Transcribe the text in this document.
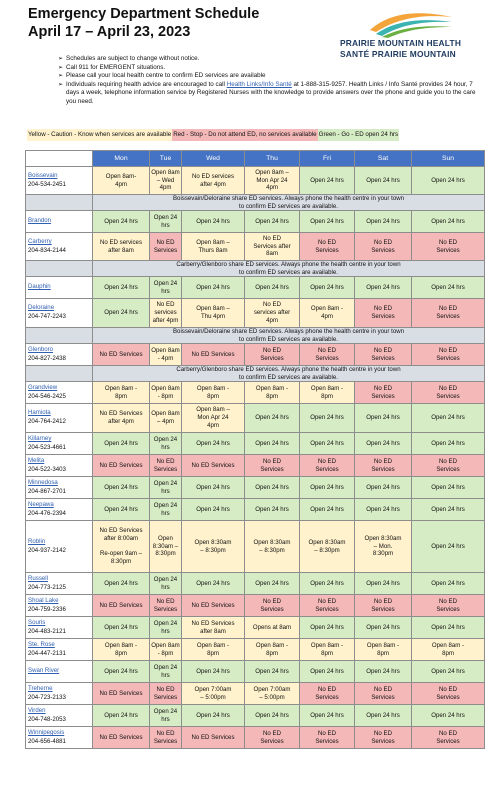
Emergency Department Schedule
April 17 – April 23, 2023
PRAIRIE MOUNTAIN HEALTH
SANTÉ PRAIRIE MOUNTAIN
➢ Schedules are subject to change without notice.
➢ Call 911 for EMERGENT situations.
➢ Please call your local health centre to confirm ED services are available
➢ Individuals requiring health advice are encouraged to call Health Links/Info Santé at 1-888-315-9257. Health Links / Info Santé provides 24 hour, 7 days a week, telephone information service by Registered Nurses with the knowledge to provide answers over the phone and guide you to the care you need.
Yellow - Caution - Know when services are available Red - Stop - Do not attend ED, no services available Green - Go - ED open 24 hrs
	Mon	Tue	Wed	Thu	Fri	Sat	Sun

Boissevain
204-534-2451	Open 8am-
4pm	Open 8am
– Wed
4pm	No ED services
after 4pm	Open 8am –
Mon Apr 24
4pm	Open 24 hrs	Open 24 hrs	Open 24 hrs
	Boissevain/Deloraine share ED services. Always phone the health centre in your town
to confirm ED services are available.						

Brandon	Open 24 hrs	Open 24
hrs	Open 24 hrs	Open 24 hrs	Open 24 hrs	Open 24 hrs	Open 24 hrs

Carberry
204-834-2144	No ED services
after 8am	No ED
Services	Open 8am –
Thurs 8am	No ED
Services after
8am	No ED
Services	No ED
Services	No ED
Services
	Carberry/Glenboro share ED services. Always phone the health centre in your town
to confirm ED services are available.						

Dauphin	Open 24 hrs	Open 24
hrs	Open 24 hrs	Open 24 hrs	Open 24 hrs	Open 24 hrs	Open 24 hrs

Deloraine
204-747-2243	Open 24 hrs	No ED
services
after 4pm	Open 8am –
Thu 4pm	No ED
services after
4pm	Open 8am -
4pm	No ED
Services	No ED
Services
	Boissevain/Deloraine share ED services. Always phone the health centre in your town
to confirm ED services are available.						

Glenboro
204-827-2438	No ED Services	Open 8am
- 4pm	No ED Services	No ED
Services	No ED
Services	No ED
Services	No ED
Services
	Carberry/Glenboro share ED services. Always phone the health centre in your town
to confirm ED services are available.						

Grandview
204-546-2425	Open 8am -
8pm	Open 8am
- 8pm	Open 8am -
8pm	Open 8am -
8pm	Open 8am -
8pm	No ED
Services	No ED
Services

Hamiota
204-764-2412	No ED Services
after 4pm	Open 8am
– 4pm	Open 8am –
Mon Apr 24
4pm	Open 24 hrs	Open 24 hrs	Open 24 hrs	Open 24 hrs

Killarney
204-523-4661	Open 24 hrs	Open 24
hrs	Open 24 hrs	Open 24 hrs	Open 24 hrs	Open 24 hrs	Open 24 hrs

Melita
204-522-3403	No ED Services	No ED
Services	No ED Services	No ED
Services	No ED
Services	No ED
Services	No ED
Services

Minnedosa
204-867-2701	Open 24 hrs	Open 24
hrs	Open 24 hrs	Open 24 hrs	Open 24 hrs	Open 24 hrs	Open 24 hrs

Neepawa
204-476-2394	Open 24 hrs	Open 24
hrs	Open 24 hrs	Open 24 hrs	Open 24 hrs	Open 24 hrs	Open 24 hrs

Roblin
204-937-2142	No ED Services
after 8:00am

Re-open 9am –
8:30pm	Open
8:30am –
8:30pm	Open 8:30am
– 8:30pm	Open 8:30am
– 8:30pm	Open 8:30am
– 8:30pm	Open 8:30am
– Mon.
8:30pm	Open 24 hrs

Russell
204-773-2125	Open 24 hrs	Open 24
hrs	Open 24 hrs	Open 24 hrs	Open 24 hrs	Open 24 hrs	Open 24 hrs

Shoal Lake
204-759-2336	No ED Services	No ED
Services	No ED Services	No ED
Services	No ED
Services	No ED
Services	No ED
Services

Souris
204-483-2121	Open 24 hrs	Open 24
hrs	No ED Services
after 8am	Opens at 8am	Open 24 hrs	Open 24 hrs	Open 24 hrs

Ste. Rose
204-447-2131	Open 8am -
8pm	Open 8am
- 8pm	Open 8am -
8pm	Open 8am -
8pm	Open 8am -
8pm	Open 8am -
8pm	Open 8am -
8pm

Swan River	Open 24 hrs	Open 24
hrs	Open 24 hrs	Open 24 hrs	Open 24 hrs	Open 24 hrs	Open 24 hrs

Treherne
204-723-2133	No ED Services	No ED
Services	Open 7:00am
– 5:00pm	Open 7:00am
– 5:00pm	No ED
Services	No ED
Services	No ED
Services

Virden
204-748-2053	Open 24 hrs	Open 24
hrs	Open 24 hrs	Open 24 hrs	Open 24 hrs	Open 24 hrs	Open 24 hrs

Winnipegosis
204-656-4881	No ED Services	No ED
Services	No ED Services	No ED
Services	No ED
Services	No ED
Services	No ED
Services
